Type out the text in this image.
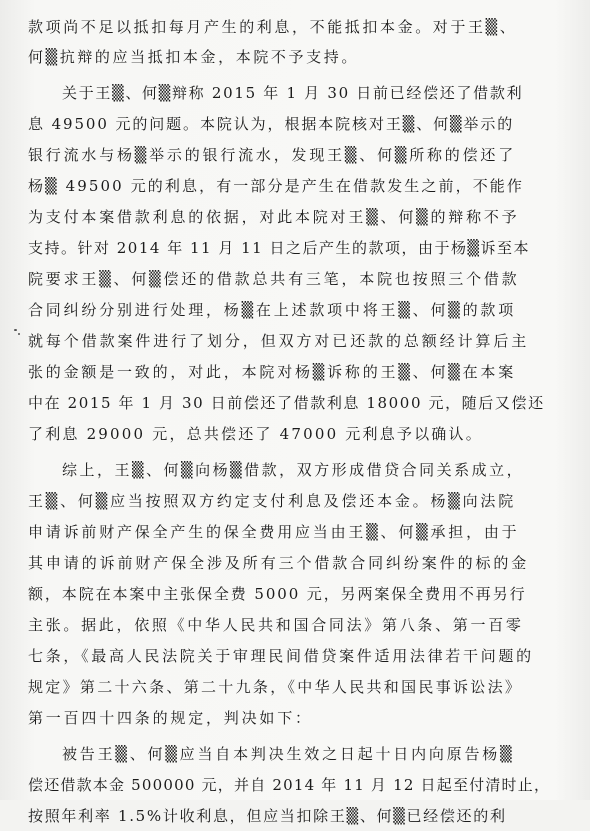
款项尚不足以抵扣每月产生的利息，不能抵扣本金。对于王▒、
何▒抗辩的应当抵扣本金，本院不予支持。
关于王▒、何▒辩称 2015 年 1 月 30 日前已经偿还了借款利
息 49500 元的问题。本院认为，根据本院核对王▒、何▒举示的
银行流水与杨▒举示的银行流水，发现王▒、何▒所称的偿还了
杨▒ 49500 元的利息，有一部分是产生在借款发生之前，不能作
为支付本案借款利息的依据，对此本院对王▒、何▒的辩称不予
支持。针对 2014 年 11 月 11 日之后产生的款项，由于杨▒诉至本
院要求王▒、何▒偿还的借款总共有三笔，本院也按照三个借款
合同纠纷分别进行处理，杨▒在上述款项中将王▒、何▒的款项
就每个借款案件进行了划分，但双方对已还款的总额经计算后主
张的金额是一致的，对此，本院对杨▒诉称的王▒、何▒在本案
中在 2015 年 1 月 30 日前偿还了借款利息 18000 元，随后又偿还
了利息 29000 元，总共偿还了 47000 元利息予以确认。
综上，王▒、何▒向杨▒借款，双方形成借贷合同关系成立，
王▒、何▒应当按照双方约定支付利息及偿还本金。杨▒向法院
申请诉前财产保全产生的保全费用应当由王▒、何▒承担，由于
其申请的诉前财产保全涉及所有三个借款合同纠纷案件的标的金
额，本院在本案中主张保全费 5000 元，另两案保全费用不再另行
主张。据此，依照《中华人民共和国合同法》第八条、第一百零
七条，《最高人民法院关于审理民间借贷案件适用法律若干问题的
规定》第二十六条、第二十九条，《中华人民共和国民事诉讼法》
第一百四十四条的规定，判决如下：
被告王▒、何▒应当自本判决生效之日起十日内向原告杨▒
偿还借款本金 500000 元，并自 2014 年 11 月 12 日起至付清时止，
按照年利率 1.5%计收利息，但应当扣除王▒、何▒已经偿还的利
